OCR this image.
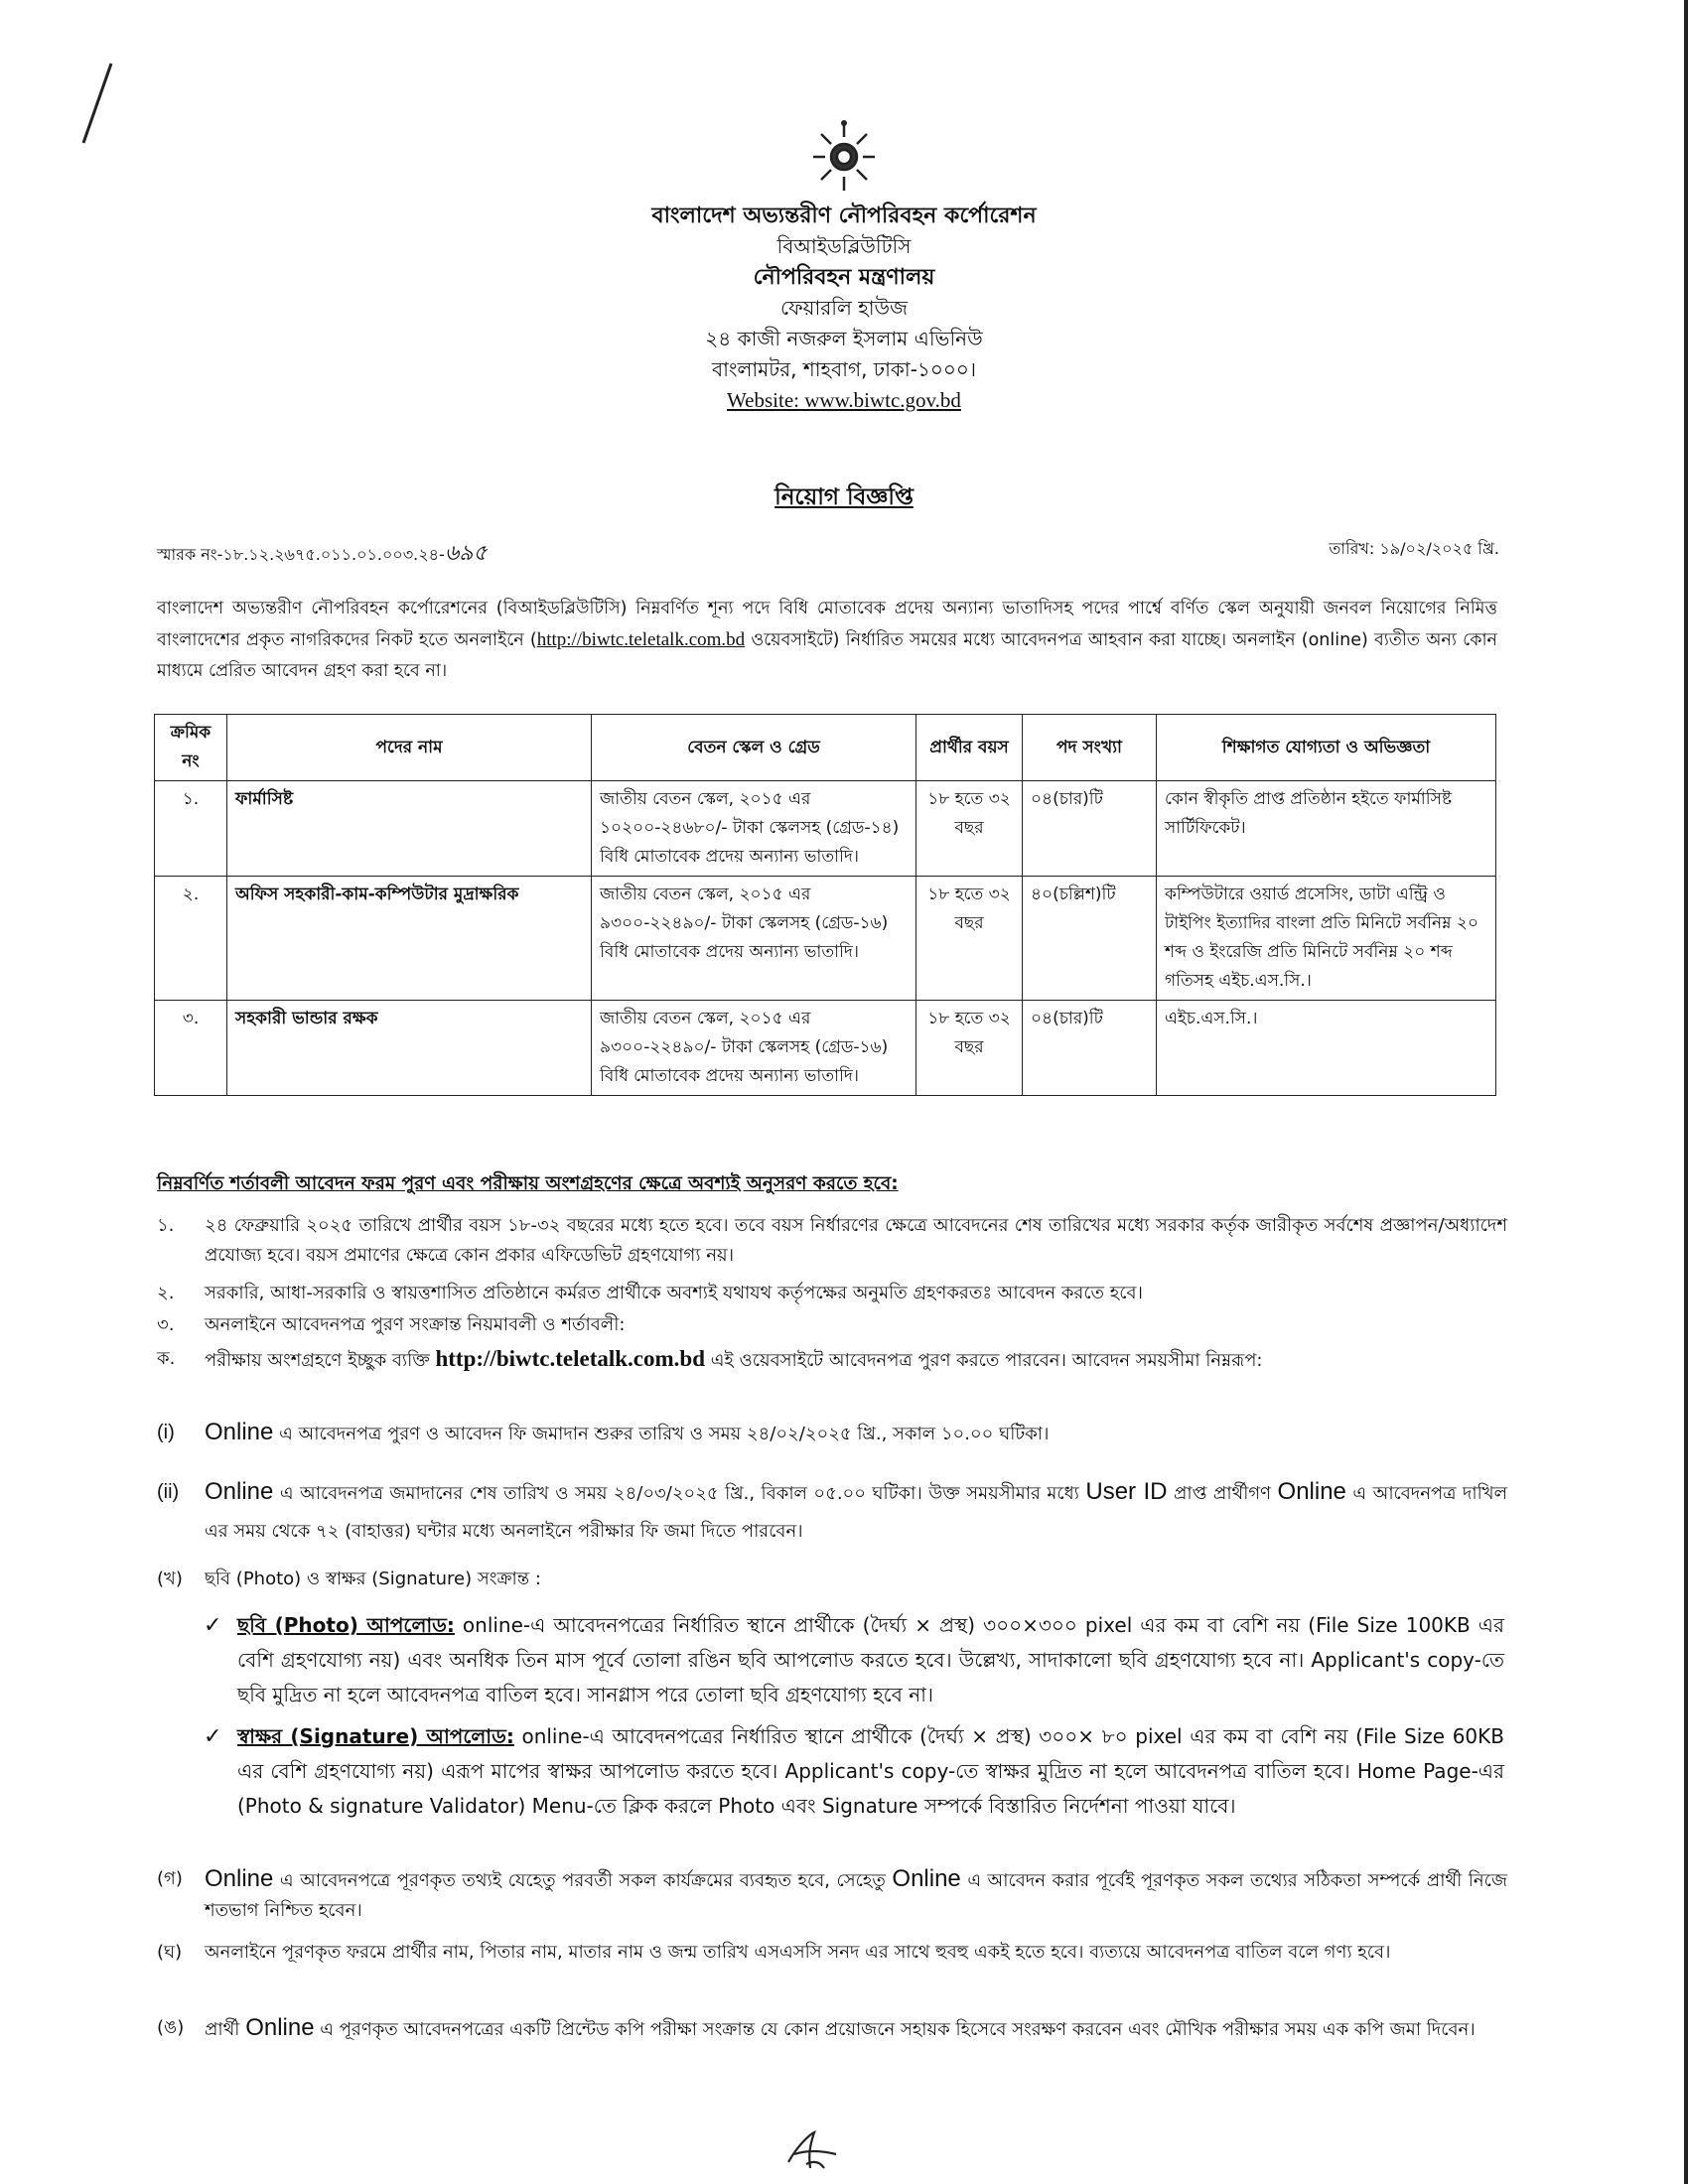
বাংলাদেশ অভ্যন্তরীণ নৌপরিবহন কর্পোরেশন
বিআইডব্লিউটিসি
নৌপরিবহন মন্ত্রণালয়
ফেয়ারলি হাউজ
২৪ কাজী নজরুল ইসলাম এভিনিউ
বাংলামটর, শাহবাগ, ঢাকা-১০০০।
Website: www.biwtc.gov.bd
নিয়োগ বিজ্ঞপ্তি
স্মারক নং-১৮.১২.২৬৭৫.০১১.০১.০০৩.২৪-৬৯৫	তারিখ: ১৯/০২/২০২৫ খ্রি.
বাংলাদেশ অভ্যন্তরীণ নৌপরিবহন কর্পোরেশনের (বিআইডব্লিউটিসি) নিম্নবর্ণিত শূন্য পদে বিধি মোতাবেক প্রদেয় অন্যান্য ভাতাদিসহ পদের পার্শ্বে বর্ণিত স্কেল অনুযায়ী জনবল নিয়োগের নিমিত্ত বাংলাদেশের প্রকৃত নাগরিকদের নিকট হতে অনলাইনে (http://biwtc.teletalk.com.bd ওয়েবসাইটে) নির্ধারিত সময়ের মধ্যে আবেদনপত্র আহবান করা যাচ্ছে। অনলাইন (online) ব্যতীত অন্য কোন মাধ্যমে প্রেরিত আবেদন গ্রহণ করা হবে না।
ক্রমিক নং	পদের নাম	বেতন স্কেল ও গ্রেড	প্রার্থীর বয়স	পদ সংখ্যা	শিক্ষাগত যোগ্যতা ও অভিজ্ঞতা
১.	ফার্মাসিষ্ট	জাতীয় বেতন স্কেল, ২০১৫ এর ১০২০০-২৪৬৮০/- টাকা স্কেলসহ (গ্রেড-১৪) বিধি মোতাবেক প্রদেয় অন্যান্য ভাতাদি।	১৮ হতে ৩২ বছর	০৪(চার)টি	কোন স্বীকৃতি প্রাপ্ত প্রতিষ্ঠান হইতে ফার্মাসিষ্ট সার্টিফিকেট।
২.	অফিস সহকারী-কাম-কম্পিউটার মুদ্রাক্ষরিক	জাতীয় বেতন স্কেল, ২০১৫ এর ৯৩০০-২২৪৯০/- টাকা স্কেলসহ (গ্রেড-১৬) বিধি মোতাবেক প্রদেয় অন্যান্য ভাতাদি।	১৮ হতে ৩২ বছর	৪০(চল্লিশ)টি	কম্পিউটারে ওয়ার্ড প্রসেসিং, ডাটা এন্ট্রি ও টাইপিং ইত্যাদির বাংলা প্রতি মিনিটে সর্বনিম্ন ২০ শব্দ ও ইংরেজি প্রতি মিনিটে সর্বনিম্ন ২০ শব্দ গতিসহ এইচ.এস.সি.।
৩.	সহকারী ভান্ডার রক্ষক	জাতীয় বেতন স্কেল, ২০১৫ এর ৯৩০০-২২৪৯০/- টাকা স্কেলসহ (গ্রেড-১৬) বিধি মোতাবেক প্রদেয় অন্যান্য ভাতাদি।	১৮ হতে ৩২ বছর	০৪(চার)টি	এইচ.এস.সি.।
নিম্নবর্ণিত শর্তাবলী আবেদন ফরম পুরণ এবং পরীক্ষায় অংশগ্রহণের ক্ষেত্রে অবশ্যই অনুসরণ করতে হবে:
১. ২৪ ফেব্রুয়ারি ২০২৫ তারিখে প্রার্থীর বয়স ১৮-৩২ বছরের মধ্যে হতে হবে। তবে বয়স নির্ধারণের ক্ষেত্রে আবেদনের শেষ তারিখের মধ্যে সরকার কর্তৃক জারীকৃত সর্বশেষ প্রজ্ঞাপন/অধ্যাদেশ প্রযোজ্য হবে। বয়স প্রমাণের ক্ষেত্রে কোন প্রকার এফিডেভিট গ্রহণযোগ্য নয়।
২. সরকারি, আধা-সরকারি ও স্বায়ত্তশাসিত প্রতিষ্ঠানে কর্মরত প্রার্থীকে অবশ্যই যথাযথ কর্তৃপক্ষের অনুমতি গ্রহণকরতঃ আবেদন করতে হবে।
৩. অনলাইনে আবেদনপত্র পুরণ সংক্রান্ত নিয়মাবলী ও শর্তাবলী:
ক. পরীক্ষায় অংশগ্রহণে ইচ্ছুক ব্যক্তি http://biwtc.teletalk.com.bd এই ওয়েবসাইটে আবেদনপত্র পুরণ করতে পারবেন। আবেদন সময়সীমা নিম্নরূপ:
(i) Online এ আবেদনপত্র পুরণ ও আবেদন ফি জমাদান শুরুর তারিখ ও সময় ২৪/০২/২০২৫ খ্রি., সকাল ১০.০০ ঘটিকা।
(ii) Online এ আবেদনপত্র জমাদানের শেষ তারিখ ও সময় ২৪/০৩/২০২৫ খ্রি., বিকাল ০৫.০০ ঘটিকা। উক্ত সময়সীমার মধ্যে User ID প্রাপ্ত প্রার্থীগণ Online এ আবেদনপত্র দাখিল এর সময় থেকে ৭২ (বাহাত্তর) ঘন্টার মধ্যে অনলাইনে পরীক্ষার ফি জমা দিতে পারবেন।
(খ) ছবি (Photo) ও স্বাক্ষর (Signature) সংক্রান্ত :
✓ ছবি (Photo) আপলোড: online-এ আবেদনপত্রের নির্ধারিত স্থানে প্রার্থীকে (দৈর্ঘ্য × প্রস্থ) ৩০০×৩০০ pixel এর কম বা বেশি নয় (File Size 100KB এর বেশি গ্রহণযোগ্য নয়) এবং অনধিক তিন মাস পূর্বে তোলা রঙিন ছবি আপলোড করতে হবে। উল্লেখ্য, সাদাকালো ছবি গ্রহণযোগ্য হবে না। Applicant's copy-তে ছবি মুদ্রিত না হলে আবেদনপত্র বাতিল হবে। সানগ্লাস পরে তোলা ছবি গ্রহণযোগ্য হবে না।
✓ স্বাক্ষর (Signature) আপলোড: online-এ আবেদনপত্রের নির্ধারিত স্থানে প্রার্থীকে (দৈর্ঘ্য × প্রস্থ) ৩০০× ৮০ pixel এর কম বা বেশি নয় (File Size 60KB এর বেশি গ্রহণযোগ্য নয়) এরূপ মাপের স্বাক্ষর আপলোড করতে হবে। Applicant's copy-তে স্বাক্ষর মুদ্রিত না হলে আবেদনপত্র বাতিল হবে। Home Page-এর (Photo & signature Validator) Menu-তে ক্লিক করলে Photo এবং Signature সম্পর্কে বিস্তারিত নির্দেশনা পাওয়া যাবে।
(গ) Online এ আবেদনপত্রে পূরণকৃত তথ্যই যেহেতু পরবর্তী সকল কার্যক্রমের ব্যবহৃত হবে, সেহেতু Online এ আবেদন করার পূর্বেই পূরণকৃত সকল তথ্যের সঠিকতা সম্পর্কে প্রার্থী নিজে শতভাগ নিশ্চিত হবেন।
(ঘ) অনলাইনে পূরণকৃত ফরমে প্রার্থীর নাম, পিতার নাম, মাতার নাম ও জন্ম তারিখ এসএসসি সনদ এর সাথে হুবহু একই হতে হবে। ব্যত্যয়ে আবেদনপত্র বাতিল বলে গণ্য হবে।
(ঙ) প্রার্থী Online এ পূরণকৃত আবেদনপত্রের একটি প্রিন্টেড কপি পরীক্ষা সংক্রান্ত যে কোন প্রয়োজনে সহায়ক হিসেবে সংরক্ষণ করবেন এবং মৌখিক পরীক্ষার সময় এক কপি জমা দিবেন।
